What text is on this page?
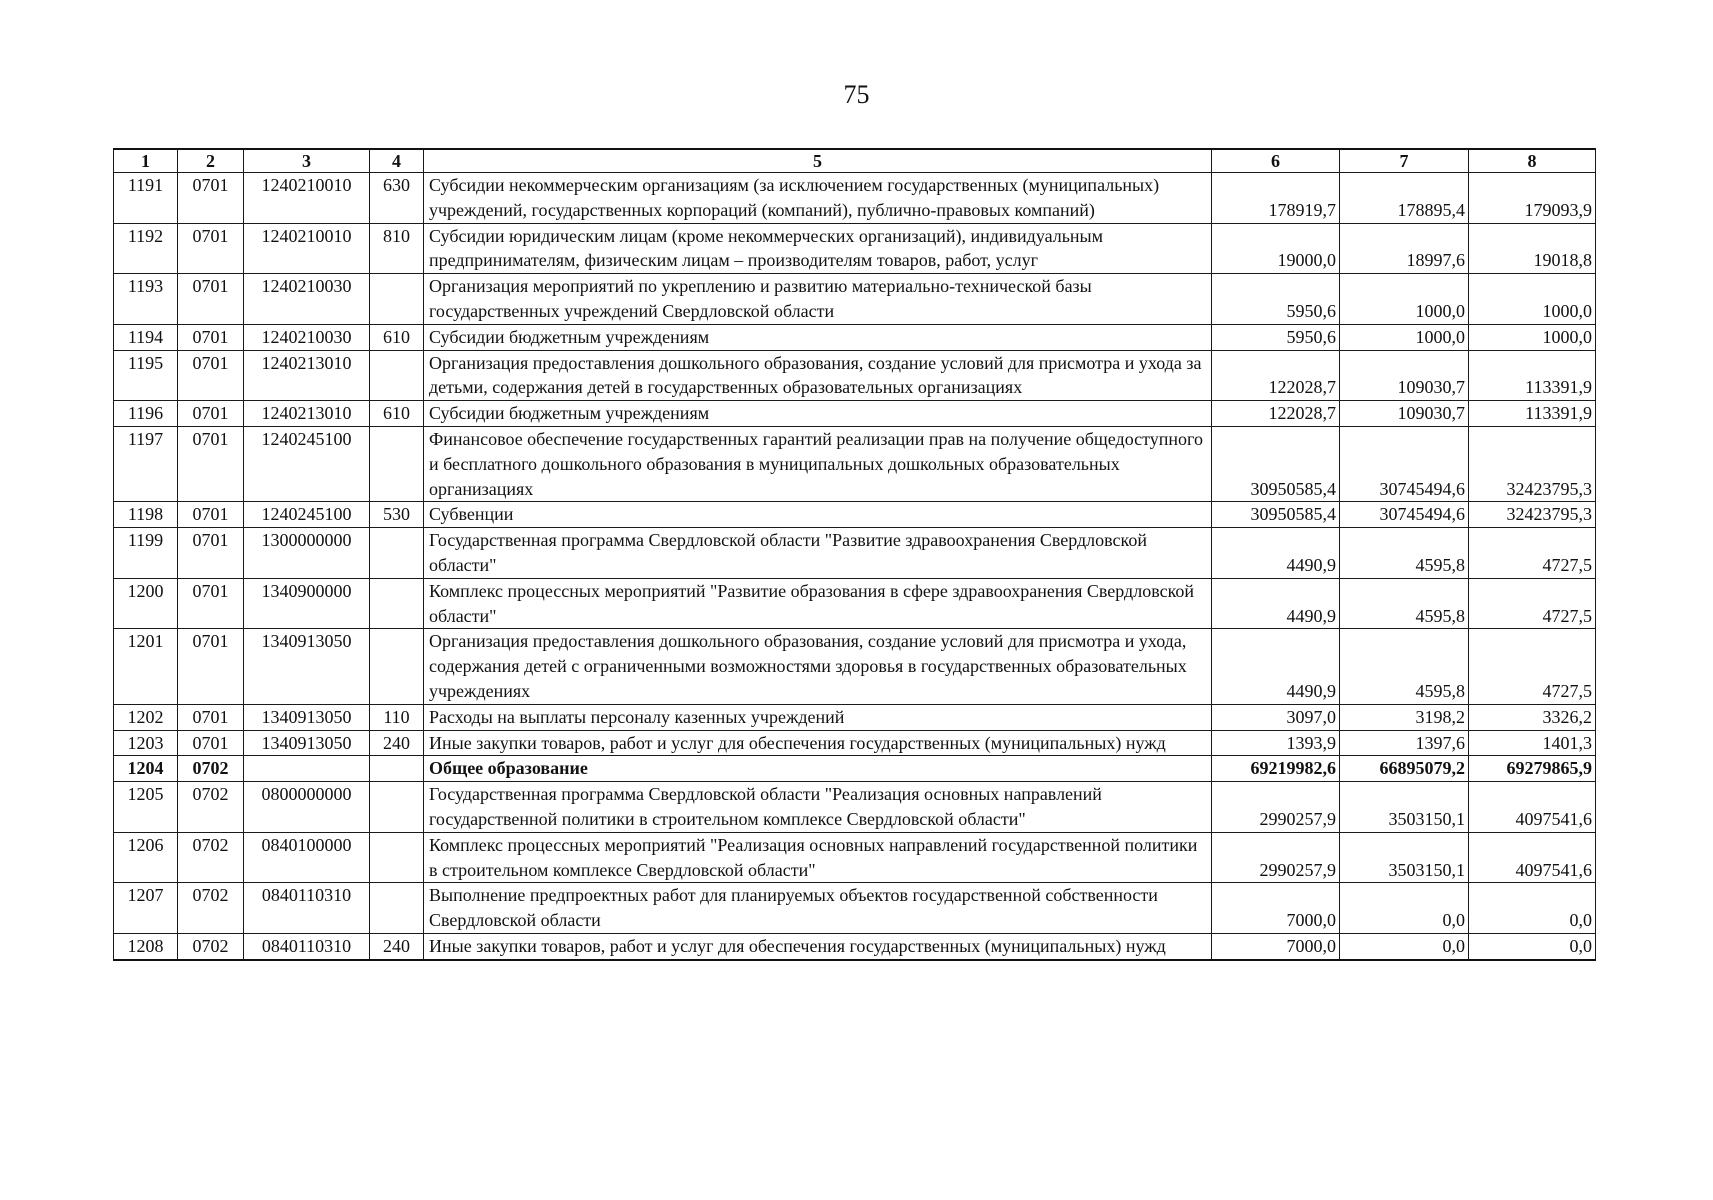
75
1	2	3	4	5	6	7	8
1191	0701	1240210010	630	Субсидии некоммерческим организациям (за исключением государственных (муниципальных) учреждений, государственных корпораций (компаний), публично-правовых компаний)	178919,7	178895,4	179093,9
1192	0701	1240210010	810	Субсидии юридическим лицам (кроме некоммерческих организаций), индивидуальным предпринимателям, физическим лицам – производителям товаров, работ, услуг	19000,0	18997,6	19018,8
1193	0701	1240210030		Организация мероприятий по укреплению и развитию материально-технической базы государственных учреждений Свердловской области	5950,6	1000,0	1000,0
1194	0701	1240210030	610	Субсидии бюджетным учреждениям	5950,6	1000,0	1000,0
1195	0701	1240213010		Организация предоставления дошкольного образования, создание условий для присмотра и ухода за детьми, содержания детей в государственных образовательных организациях	122028,7	109030,7	113391,9
1196	0701	1240213010	610	Субсидии бюджетным учреждениям	122028,7	109030,7	113391,9
1197	0701	1240245100		Финансовое обеспечение государственных гарантий реализации прав на получение общедоступного и бесплатного дошкольного образования в муниципальных дошкольных образовательных организациях	30950585,4	30745494,6	32423795,3
1198	0701	1240245100	530	Субвенции	30950585,4	30745494,6	32423795,3
1199	0701	1300000000		Государственная программа Свердловской области "Развитие здравоохранения Свердловской области"	4490,9	4595,8	4727,5
1200	0701	1340900000		Комплекс процессных мероприятий "Развитие образования в сфере здравоохранения Свердловской области"	4490,9	4595,8	4727,5
1201	0701	1340913050		Организация предоставления дошкольного образования, создание условий для присмотра и ухода, содержания детей с ограниченными возможностями здоровья в государственных образовательных учреждениях	4490,9	4595,8	4727,5
1202	0701	1340913050	110	Расходы на выплаты персоналу казенных учреждений	3097,0	3198,2	3326,2
1203	0701	1340913050	240	Иные закупки товаров, работ и услуг для обеспечения государственных (муниципальных) нужд	1393,9	1397,6	1401,3
1204	0702			Общее образование	69219982,6	66895079,2	69279865,9
1205	0702	0800000000		Государственная программа Свердловской области "Реализация основных направлений государственной политики в строительном комплексе Свердловской области"	2990257,9	3503150,1	4097541,6
1206	0702	0840100000		Комплекс процессных мероприятий "Реализация основных направлений государственной политики в строительном комплексе Свердловской области"	2990257,9	3503150,1	4097541,6
1207	0702	0840110310		Выполнение предпроектных работ для планируемых объектов государственной собственности Свердловской области	7000,0	0,0	0,0
1208	0702	0840110310	240	Иные закупки товаров, работ и услуг для обеспечения государственных (муниципальных) нужд	7000,0	0,0	0,0
